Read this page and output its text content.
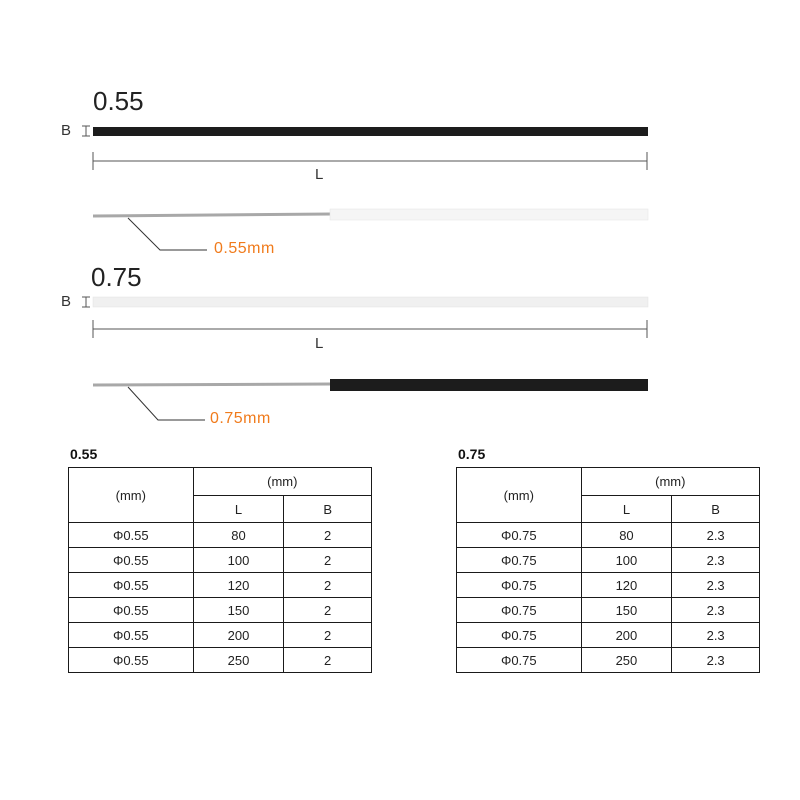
0.55
B
L
0.55mm
0.75
B
L
0.75mm
0.55	0.75
(mm)	(mm)	
	L	B
Φ0.55	80	2
Φ0.55	100	2
Φ0.55	120	2
Φ0.55	150	2
Φ0.55	200	2
Φ0.55	250	2
(mm)	(mm)	
	L	B
Φ0.75	80	2.3
Φ0.75	100	2.3
Φ0.75	120	2.3
Φ0.75	150	2.3
Φ0.75	200	2.3
Φ0.75	250	2.3
